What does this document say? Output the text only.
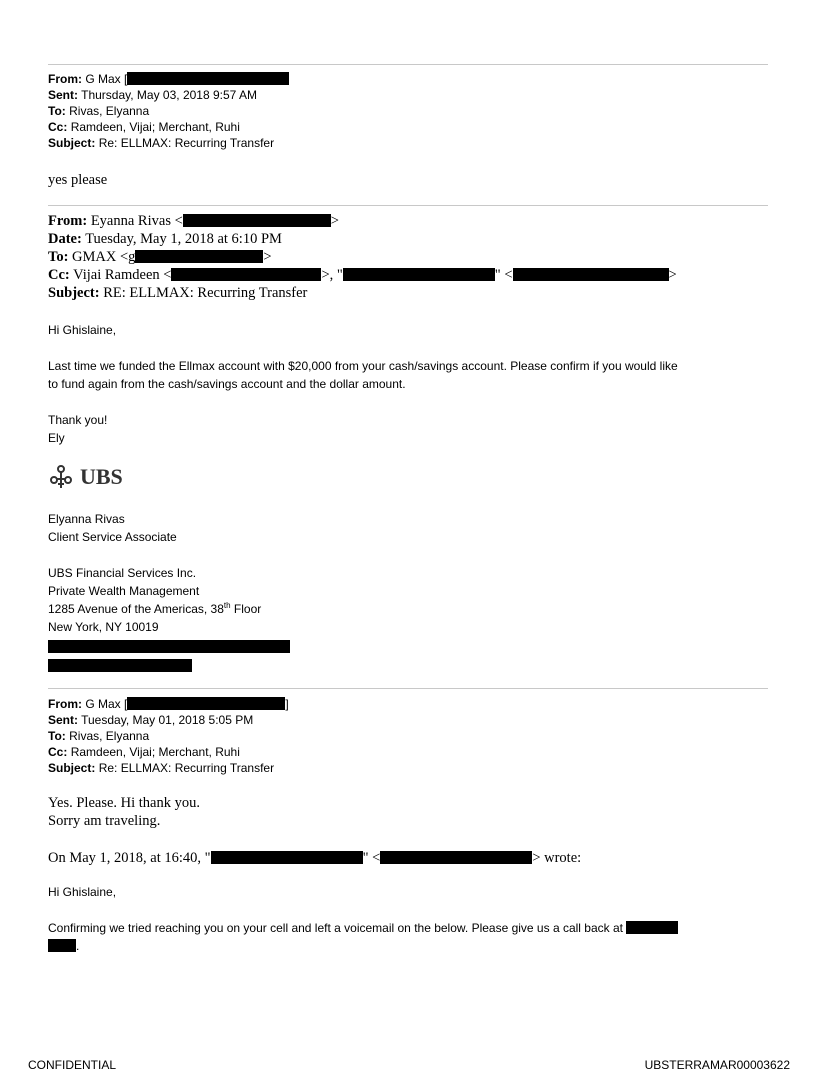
From: G Max [
Sent: Thursday, May 03, 2018 9:57 AM
To: Rivas, Elyanna
Cc: Ramdeen, Vijai; Merchant, Ruhi
Subject: Re: ELLMAX: Recurring Transfer
yes please
From: Eyanna Rivas <	>
Date: Tuesday, May 1, 2018 at 6:10 PM
To: GMAX <g	>
Cc: Vijai Ramdeen <	>, "	" <	>
Subject: RE: ELLMAX: Recurring Transfer
Hi Ghislaine,
Last time we funded the Ellmax account with $20,000 from your cash/savings account. Please confirm if you would like
to fund again from the cash/savings account and the dollar amount.
Thank you!
Ely
UBS
Elyanna Rivas
Client Service Associate
UBS Financial Services Inc.
Private Wealth Management
1285 Avenue of the Americas, 38th Floor
New York, NY 10019
From: G Max [	]
Sent: Tuesday, May 01, 2018 5:05 PM
To: Rivas, Elyanna
Cc: Ramdeen, Vijai; Merchant, Ruhi
Subject: Re: ELLMAX: Recurring Transfer
Yes. Please. Hi thank you.
Sorry am traveling.
On May 1, 2018, at 16:40, "	" <	> wrote:
Hi Ghislaine,
Confirming we tried reaching you on your cell and left a voicemail on the below. Please give us a call back at
.
CONFIDENTIAL	UBSTERRAMAR00003622
